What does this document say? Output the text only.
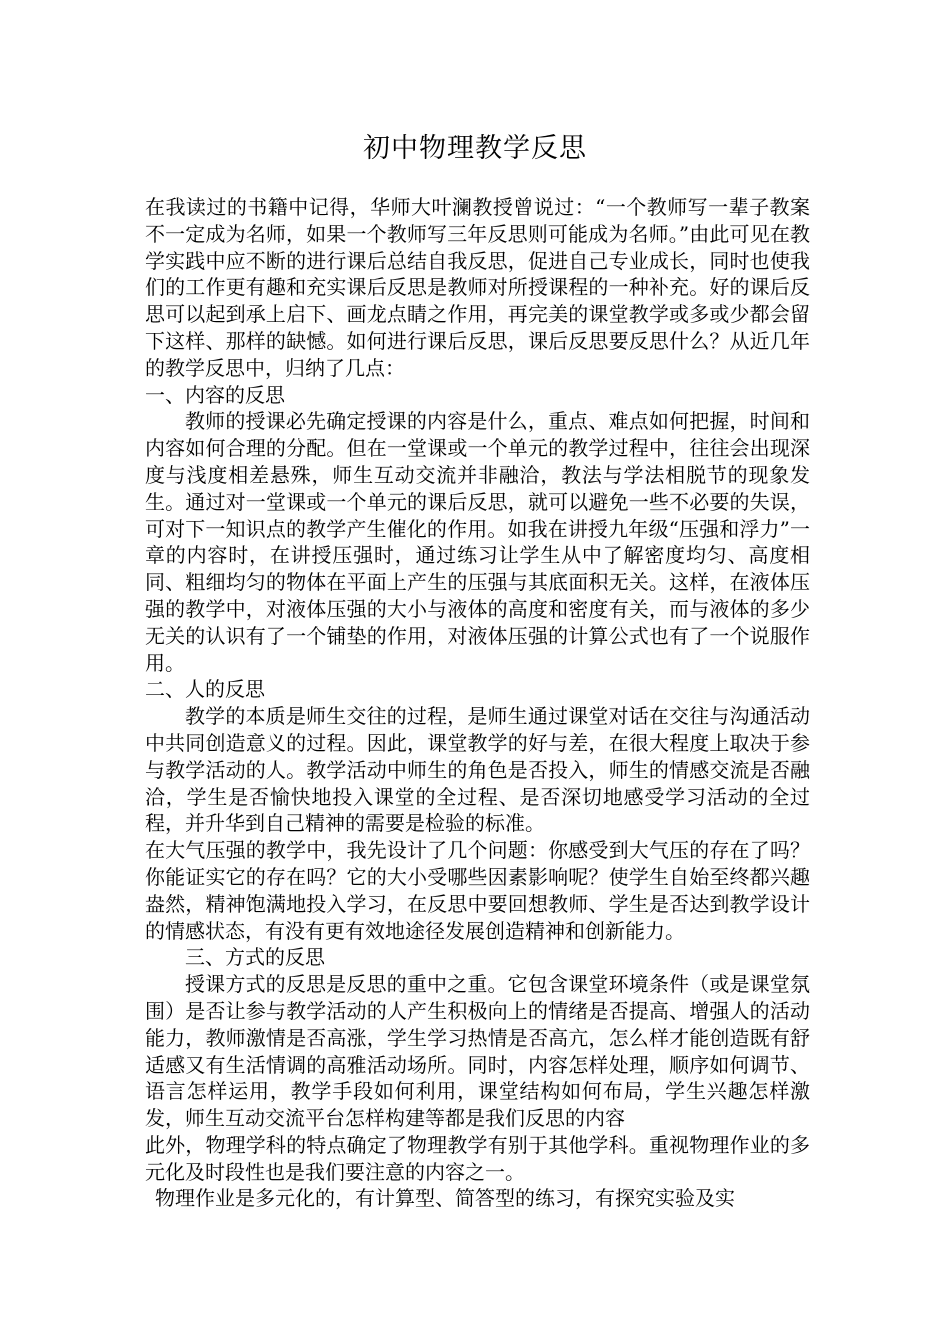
初中物理教学反思

在我读过的书籍中记得，华师大叶澜教授曾说过：“一个教师写一辈子教案不一定成为名师，如果一个教师写三年反思则可能成为名师。”由此可见在教学实践中应不断的进行课后总结自我反思，促进自己专业成长，同时也使我们的工作更有趣和充实课后反思是教师对所授课程的一种补充。好的课后反思可以起到承上启下、画龙点睛之作用，再完美的课堂教学或多或少都会留下这样、那样的缺憾。如何进行课后反思，课后反思要反思什么？从近几年的教学反思中，归纳了几点：

一、内容的反思

教师的授课必先确定授课的内容是什么，重点、难点如何把握，时间和内容如何合理的分配。但在一堂课或一个单元的教学过程中，往往会出现深度与浅度相差悬殊，师生互动交流并非融洽，教法与学法相脱节的现象发生。通过对一堂课或一个单元的课后反思，就可以避免一些不必要的失误，可对下一知识点的教学产生催化的作用。如我在讲授九年级“压强和浮力”一章的内容时，在讲授压强时，通过练习让学生从中了解密度均匀、高度相同、粗细均匀的物体在平面上产生的压强与其底面积无关。这样，在液体压强的教学中，对液体压强的大小与液体的高度和密度有关，而与液体的多少无关的认识有了一个铺垫的作用，对液体压强的计算公式也有了一个说服作用。

二、人的反思

教学的本质是师生交往的过程，是师生通过课堂对话在交往与沟通活动中共同创造意义的过程。因此，课堂教学的好与差，在很大程度上取决于参与教学活动的人。教学活动中师生的角色是否投入，师生的情感交流是否融洽，学生是否愉快地投入课堂的全过程、是否深切地感受学习活动的全过程，并升华到自己精神的需要是检验的标准。

在大气压强的教学中，我先设计了几个问题：你感受到大气压的存在了吗？你能证实它的存在吗？它的大小受哪些因素影响呢？使学生自始至终都兴趣盎然，精神饱满地投入学习，在反思中要回想教师、学生是否达到教学设计的情感状态，有没有更有效地途径发展创造精神和创新能力。

三、方式的反思

授课方式的反思是反思的重中之重。它包含课堂环境条件（或是课堂氛围）是否让参与教学活动的人产生积极向上的情绪是否提高、增强人的活动能力，教师激情是否高涨，学生学习热情是否高亢，怎么样才能创造既有舒适感又有生活情调的高雅活动场所。同时，内容怎样处理，顺序如何调节、语言怎样运用，教学手段如何利用，课堂结构如何布局，学生兴趣怎样激发，师生互动交流平台怎样构建等都是我们反思的内容

此外，物理学科的特点确定了物理教学有别于其他学科。重视物理作业的多元化及时段性也是我们要注意的内容之一。

物理作业是多元化的，有计算型、简答型的练习，有探究实验及实
